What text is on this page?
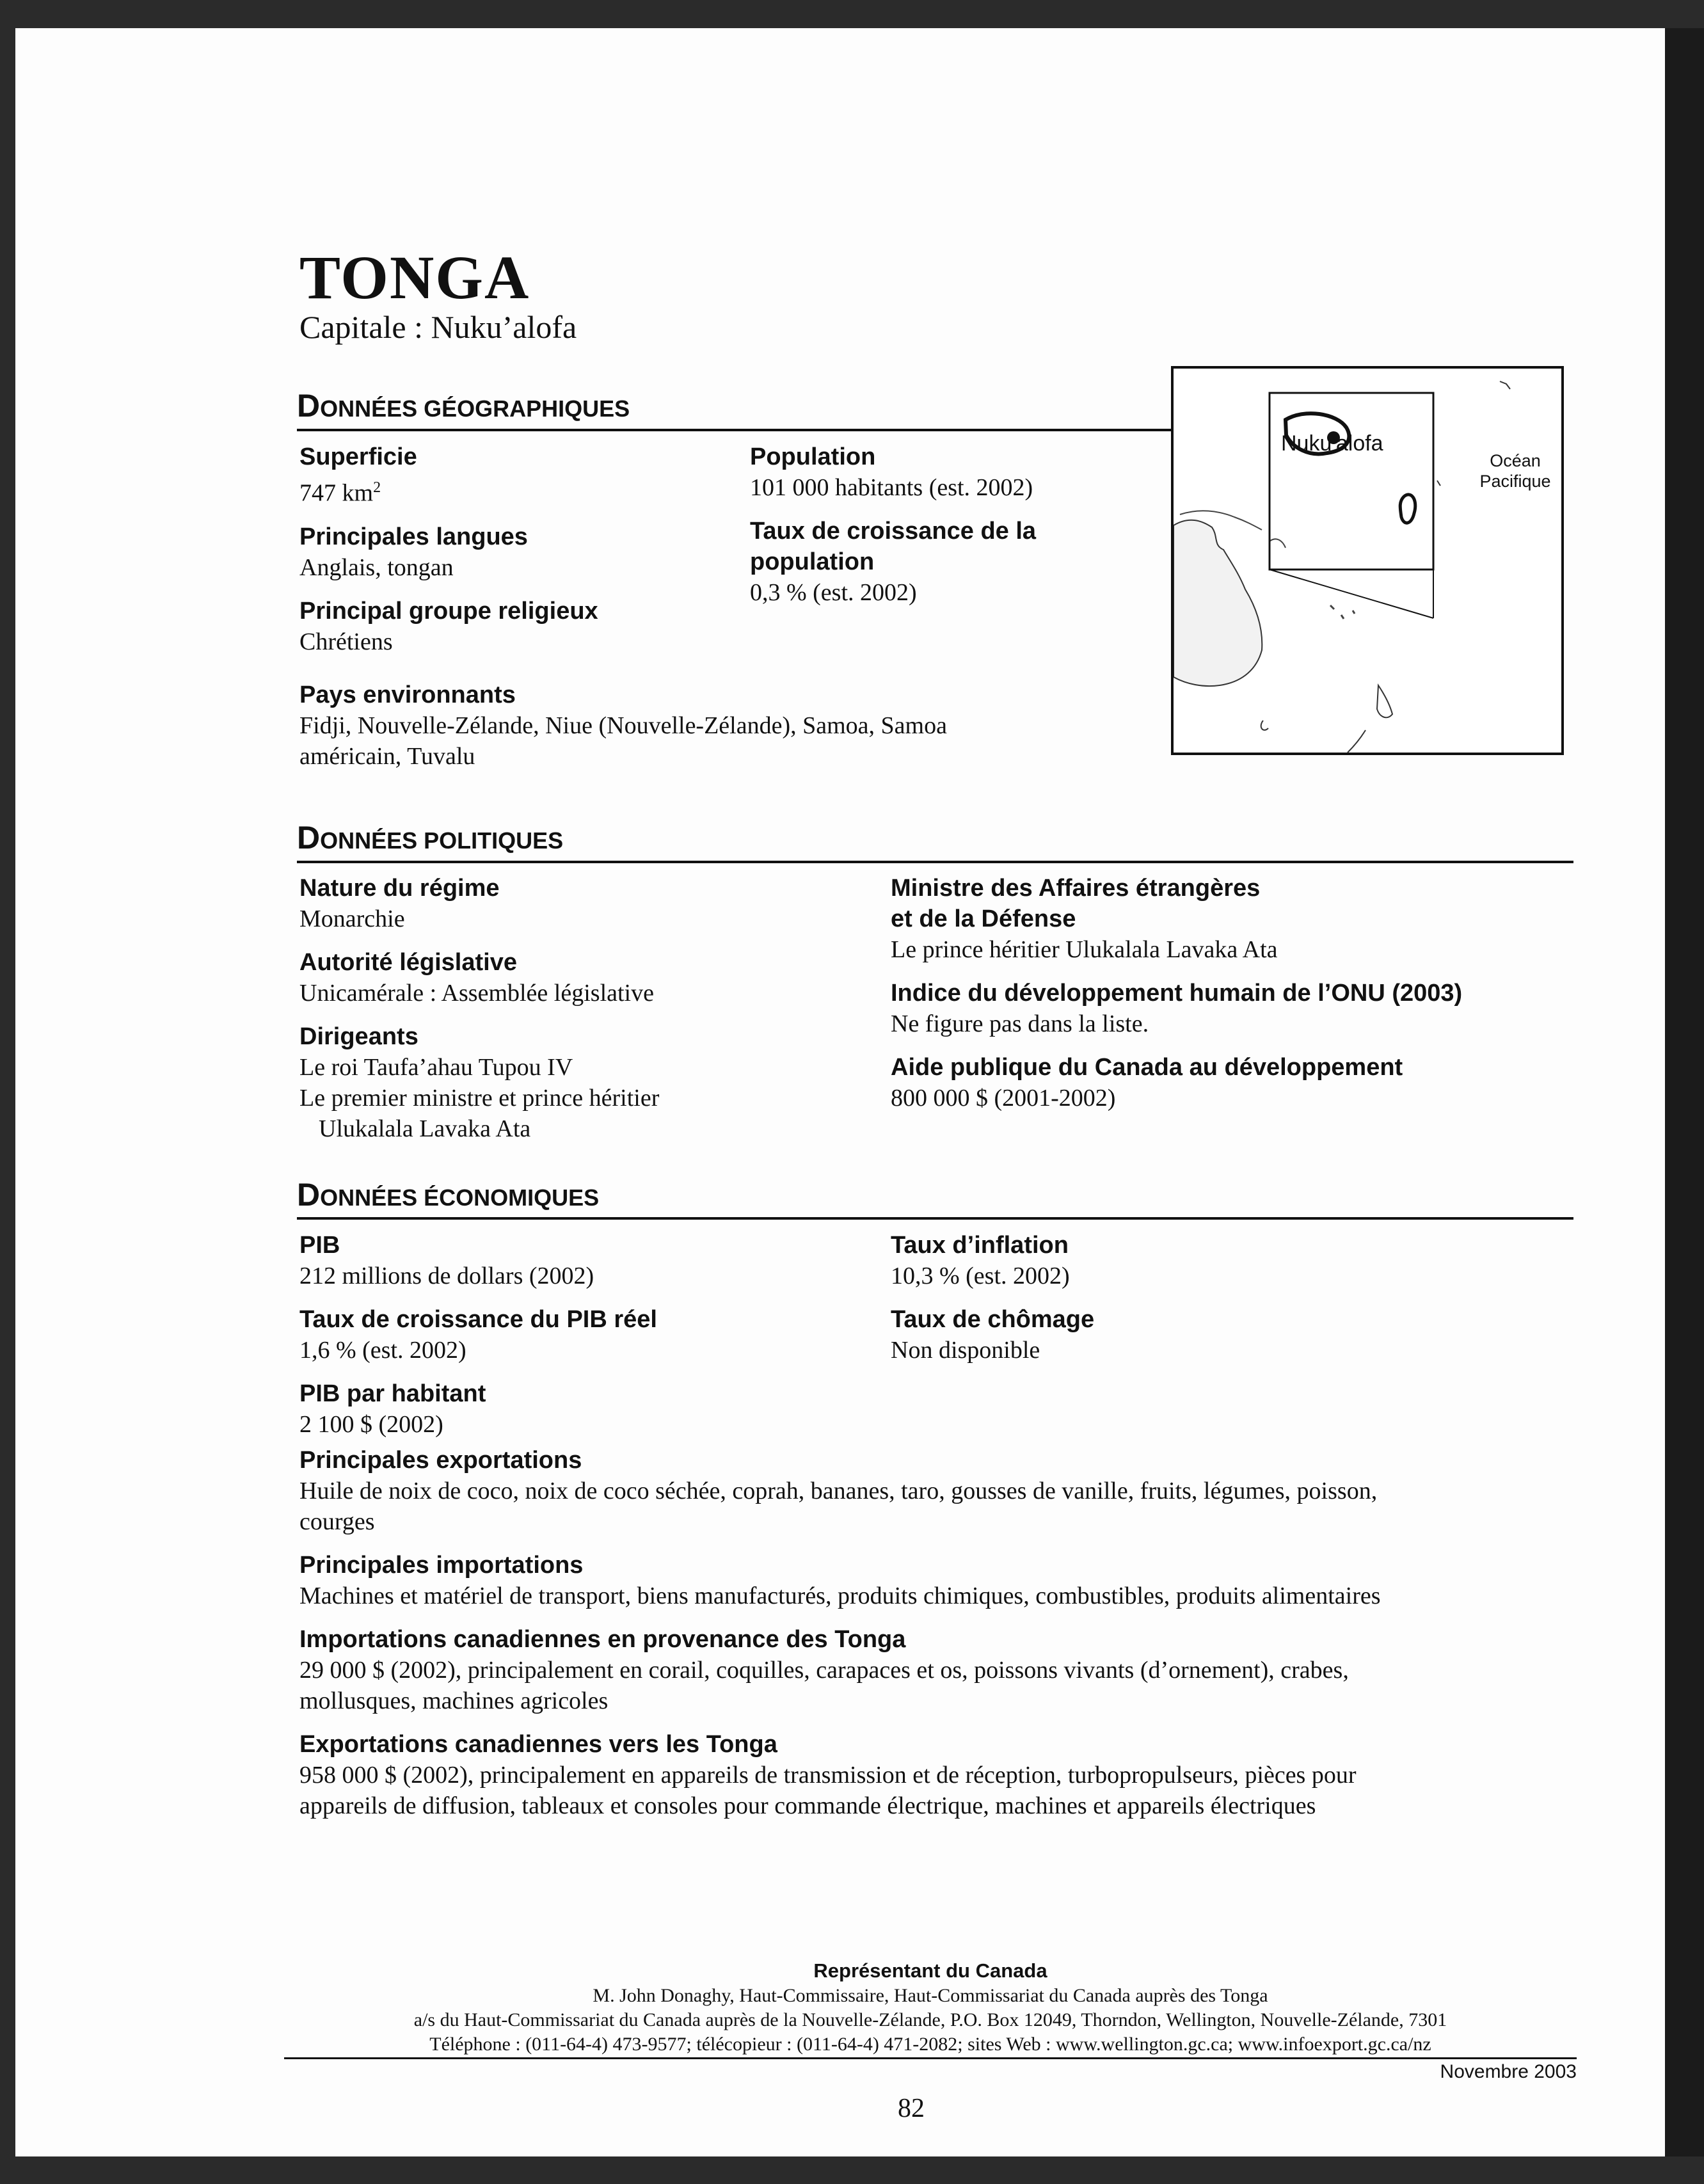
TONGA
Capitale : Nuku’alofa
DONNÉES GÉOGRAPHIQUES
Superficie
747 $km^2$
Principales langues
Anglais, tongan
Principal groupe religieux
Chrétiens
Population
101 000 habitants (est. 2002)
Taux de croissance de la
population
0,3 % (est. 2002)
Pays environnants
Fidji, Nouvelle-Zélande, Niue (Nouvelle-Zélande), Samoa, Samoa
américain, Tuvalu
Nuku'alofa
Océan
Pacifique
DONNÉES POLITIQUES
Nature du régime
Monarchie
Autorité législative
Unicamérale : Assemblée législative
Dirigeants
Le roi Taufa’ahau Tupou IV
Le premier ministre et prince héritier
Ulukalala Lavaka Ata
Ministre des Affaires étrangères
et de la Défense
Le prince héritier Ulukalala Lavaka Ata
Indice du développement humain de l’ONU (2003)
Ne figure pas dans la liste.
Aide publique du Canada au développement
800 000 $ (2001-2002)
DONNÉES ÉCONOMIQUES
PIB
212 millions de dollars (2002)
Taux de croissance du PIB réel
1,6 % (est. 2002)
PIB par habitant
2 100 $ (2002)
Taux d’inflation
10,3 % (est. 2002)
Taux de chômage
Non disponible
Principales exportations
Huile de noix de coco, noix de coco séchée, coprah, bananes, taro, gousses de vanille, fruits, légumes, poisson,
courges
Principales importations
Machines et matériel de transport, biens manufacturés, produits chimiques, combustibles, produits alimentaires
Importations canadiennes en provenance des Tonga
29 000 $ (2002), principalement en corail, coquilles, carapaces et os, poissons vivants (d’ornement), crabes,
mollusques, machines agricoles
Exportations canadiennes vers les Tonga
958 000 $ (2002), principalement en appareils de transmission et de réception, turbopropulseurs, pièces pour
appareils de diffusion, tableaux et consoles pour commande électrique, machines et appareils électriques
Représentant du Canada
M. John Donaghy, Haut-Commissaire, Haut-Commissariat du Canada auprès des Tonga
a/s du Haut-Commissariat du Canada auprès de la Nouvelle-Zélande, P.O. Box 12049, Thorndon, Wellington, Nouvelle-Zélande, 7301
Téléphone : (011-64-4) 473-9577; télécopieur : (011-64-4) 471-2082; sites Web : www.wellington.gc.ca; www.infoexport.gc.ca/nz
Novembre 2003
82
